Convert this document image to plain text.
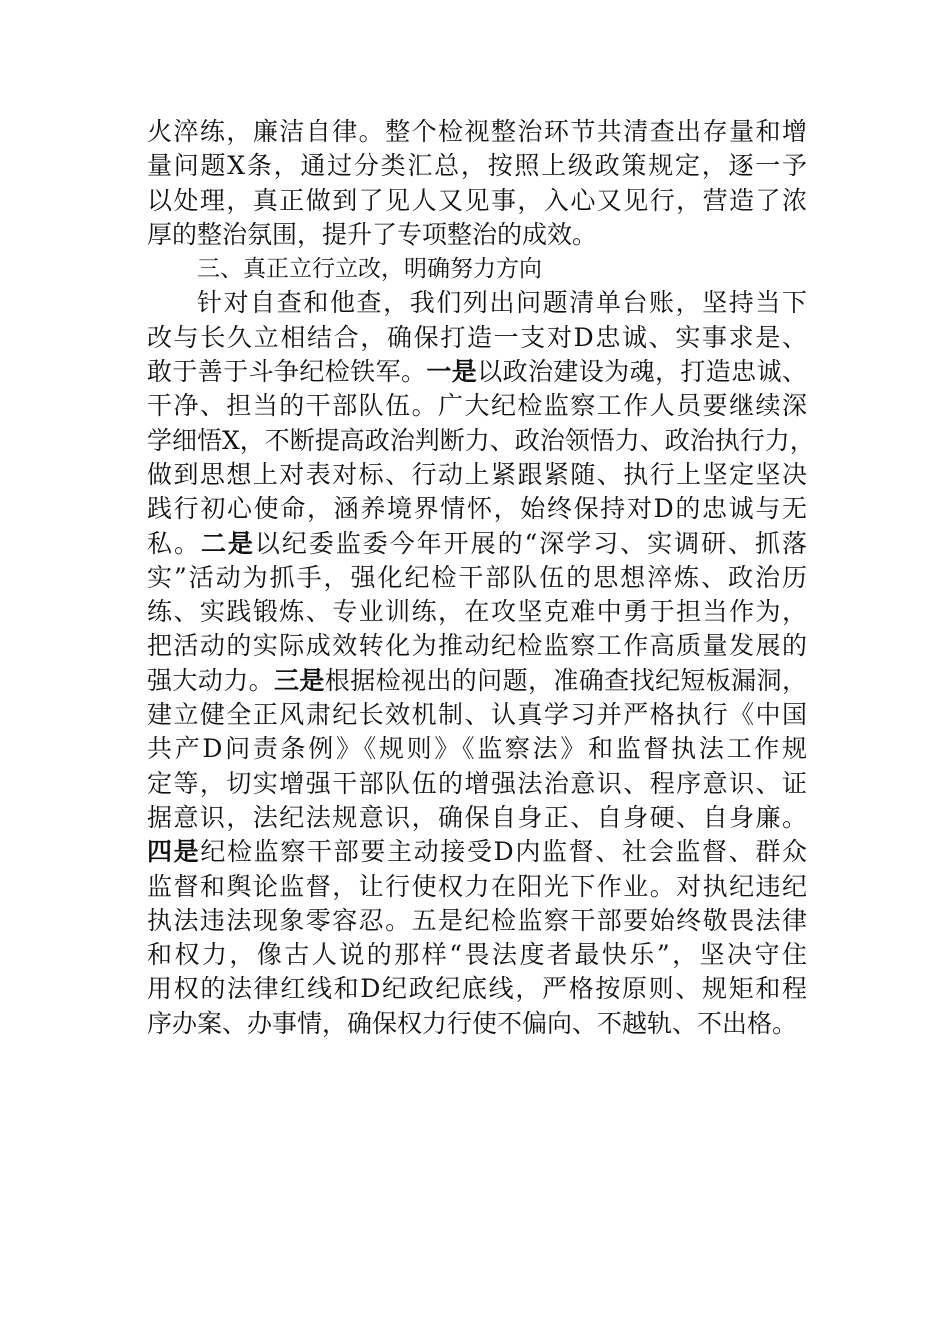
火淬练，廉洁自律。整个检视整治环节共清查出存量和增
量问题X条，通过分类汇总，按照上级政策规定，逐一予
以处理，真正做到了见人又见事，入心又见行，营造了浓
厚的整治氛围，提升了专项整治的成效。
三、真正立行立改，明确努力方向
针对自查和他查，我们列出问题清单台账，坚持当下
改与长久立相结合，确保打造一支对D忠诚、实事求是、
敢于善于斗争纪检铁军。一是以政治建设为魂，打造忠诚、
干净、担当的干部队伍。广大纪检监察工作人员要继续深
学细悟X，不断提高政治判断力、政治领悟力、政治执行力，
做到思想上对表对标、行动上紧跟紧随、执行上坚定坚决
践行初心使命，涵养境界情怀，始终保持对D的忠诚与无
私。二是以纪委监委今年开展的“深学习、实调研、抓落
实”活动为抓手，强化纪检干部队伍的思想淬炼、政治历
练、实践锻炼、专业训练，在攻坚克难中勇于担当作为，
把活动的实际成效转化为推动纪检监察工作高质量发展的
强大动力。三是根据检视出的问题，准确查找纪短板漏洞，
建立健全正风肃纪长效机制、认真学习并严格执行《中国
共产D问责条例》《规则》《监察法》和监督执法工作规
定等，切实增强干部队伍的增强法治意识、程序意识、证
据意识，法纪法规意识，确保自身正、自身硬、自身廉。
四是纪检监察干部要主动接受D内监督、社会监督、群众
监督和舆论监督，让行使权力在阳光下作业。对执纪违纪
执法违法现象零容忍。五是纪检监察干部要始终敬畏法律
和权力，像古人说的那样“畏法度者最快乐”，坚决守住
用权的法律红线和D纪政纪底线，严格按原则、规矩和程
序办案、办事情，确保权力行使不偏向、不越轨、不出格。
